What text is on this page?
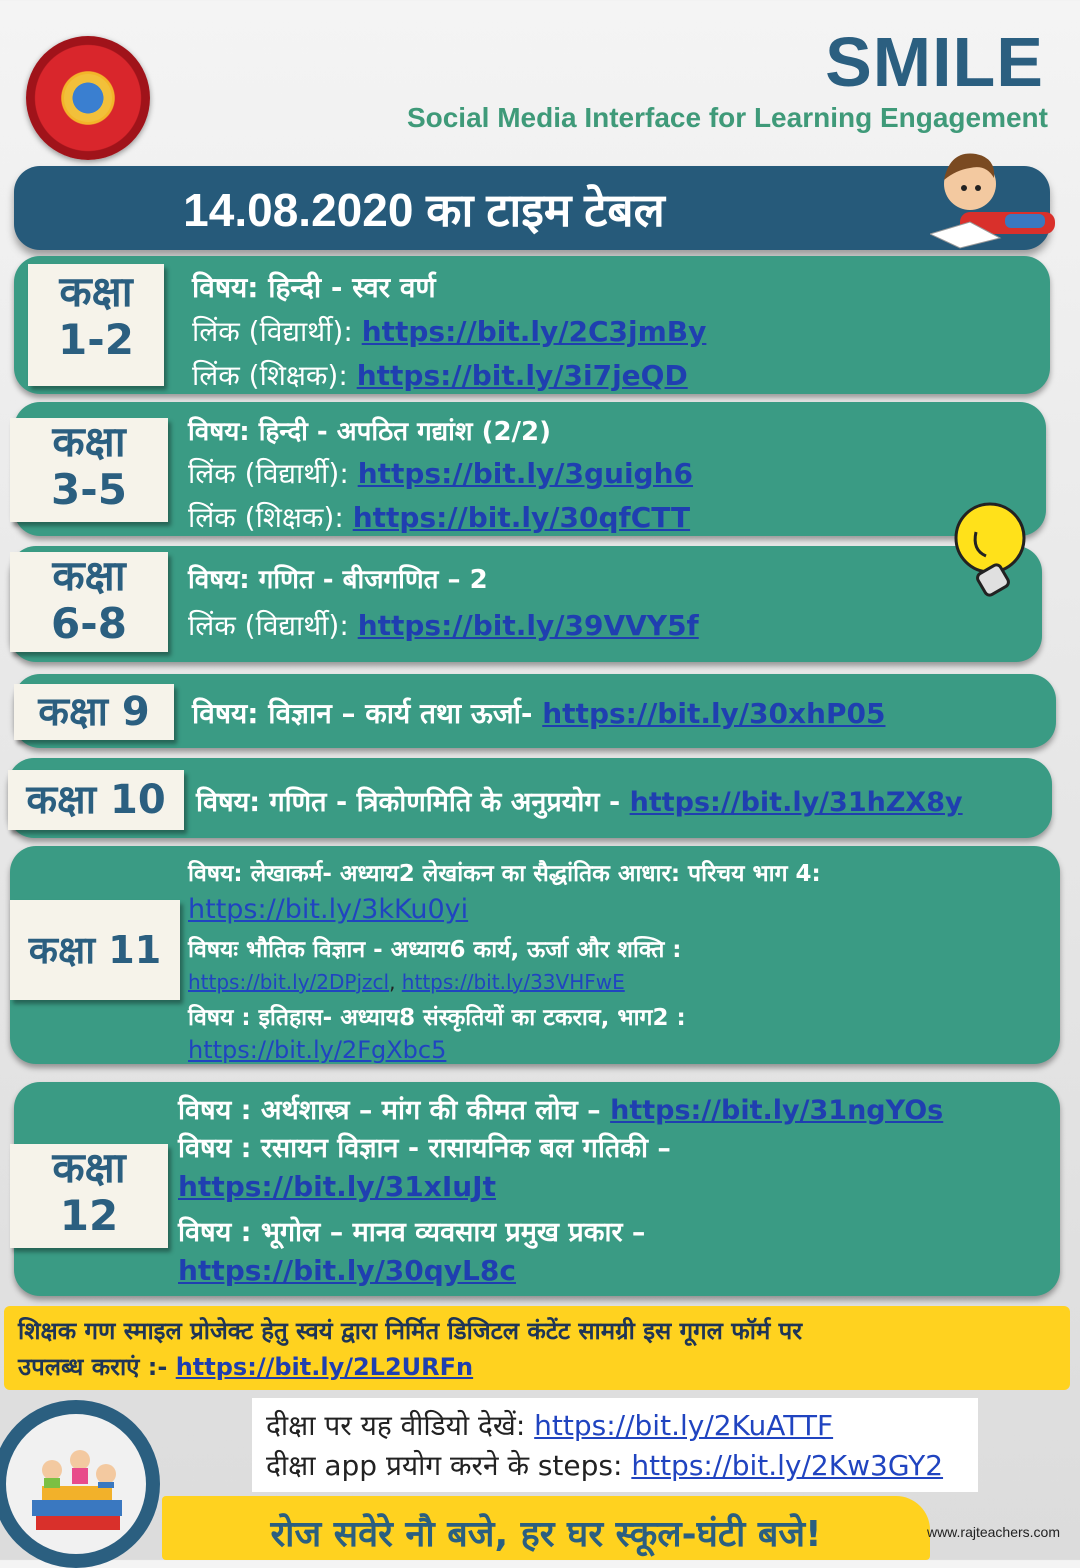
SMILE
Social Media Interface for Learning Engagement
14.08.2020 का टाइम टेबल
कक्षा
1-2
विषय: हिन्दी - स्वर वर्ण
लिंक (विद्यार्थी): https://bit.ly/2C3jmBy
लिंक (शिक्षक): https://bit.ly/3i7jeQD
कक्षा
3-5
विषय: हिन्दी - अपठित गद्यांश (2/2)
लिंक (विद्यार्थी): https://bit.ly/3guigh6
लिंक (शिक्षक): https://bit.ly/30qfCTT
कक्षा
6-8
विषय: गणित - बीजगणित – 2
लिंक (विद्यार्थी): https://bit.ly/39VVY5f
कक्षा 9	विषय: विज्ञान – कार्य तथा ऊर्जा- https://bit.ly/30xhP05
कक्षा 10	विषय: गणित - त्रिकोणमिति के अनुप्रयोग - https://bit.ly/31hZX8y
कक्षा 11
विषय: लेखाकर्म- अध्याय2 लेखांकन का सैद्धांतिक आधार: परिचय भाग 4:
https://bit.ly/3kKu0yi
विषयः भौतिक विज्ञान - अध्याय6 कार्य, ऊर्जा और शक्ति :
https://bit.ly/2DPjzcl, https://bit.ly/33VHFwE
विषय : इतिहास- अध्याय8 संस्कृतियों का टकराव, भाग2 :
https://bit.ly/2FgXbc5
कक्षा
12
विषय : अर्थशास्त्र – मांग की कीमत लोच – https://bit.ly/31ngYOs
विषय : रसायन विज्ञान - रासायनिक बल गतिकी –
https://bit.ly/31xIuJt
विषय : भूगोल – मानव व्यवसाय प्रमुख प्रकार –
https://bit.ly/30qyL8c
शिक्षक गण स्माइल प्रोजेक्ट हेतु स्वयं द्वारा निर्मित डिजिटल कंटेंट सामग्री इस गूगल फॉर्म पर
उपलब्ध कराएं :- https://bit.ly/2L2URFn
दीक्षा पर यह वीडियो देखें: https://bit.ly/2KuATTF
दीक्षा app प्रयोग करने के steps: https://bit.ly/2Kw3GY2
रोज सवेरे नौ बजे, हर घर स्कूल-घंटी बजे!	www.rajteachers.com
